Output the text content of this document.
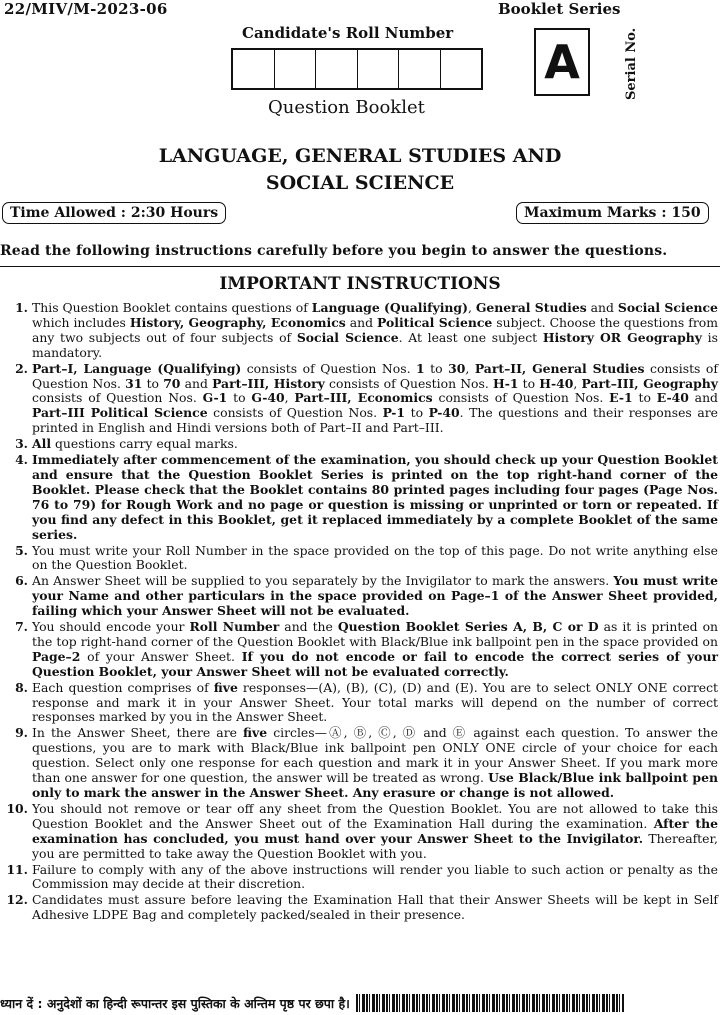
22/MIV/M-2023-06	Booklet Series
Candidate's Roll Number
A	Serial No.
Question Booklet
LANGUAGE, GENERAL STUDIES AND
SOCIAL SCIENCE
Time Allowed : 2:30 Hours	Maximum Marks : 150
Read the following instructions carefully before you begin to answer the questions.
IMPORTANT INSTRUCTIONS
1. This Question Booklet contains questions of Language (Qualifying), General Studies and Social Science which includes History, Geography, Economics and Political Science subject. Choose the questions from any two subjects out of four subjects of Social Science. At least one subject History OR Geography is mandatory.
2. Part–I, Language (Qualifying) consists of Question Nos. 1 to 30, Part–II, General Studies consists of Question Nos. 31 to 70 and Part–III, History consists of Question Nos. H-1 to H-40, Part–III, Geography consists of Question Nos. G-1 to G-40, Part–III, Economics consists of Question Nos. E-1 to E-40 and Part–III Political Science consists of Question Nos. P-1 to P-40. The questions and their responses are printed in English and Hindi versions both of Part–II and Part–III.
3. All questions carry equal marks.
4. Immediately after commencement of the examination, you should check up your Question Booklet and ensure that the Question Booklet Series is printed on the top right-hand corner of the Booklet. Please check that the Booklet contains 80 printed pages including four pages (Page Nos. 76 to 79) for Rough Work and no page or question is missing or unprinted or torn or repeated. If you find any defect in this Booklet, get it replaced immediately by a complete Booklet of the same series.
5. You must write your Roll Number in the space provided on the top of this page. Do not write anything else on the Question Booklet.
6. An Answer Sheet will be supplied to you separately by the Invigilator to mark the answers. You must write your Name and other particulars in the space provided on Page–1 of the Answer Sheet provided, failing which your Answer Sheet will not be evaluated.
7. You should encode your Roll Number and the Question Booklet Series A, B, C or D as it is printed on the top right-hand corner of the Question Booklet with Black/Blue ink ballpoint pen in the space provided on Page–2 of your Answer Sheet. If you do not encode or fail to encode the correct series of your Question Booklet, your Answer Sheet will not be evaluated correctly.
8. Each question comprises of five responses—(A), (B), (C), (D) and (E). You are to select ONLY ONE correct response and mark it in your Answer Sheet. Your total marks will depend on the number of correct responses marked by you in the Answer Sheet.
9. In the Answer Sheet, there are five circles—Ⓐ, Ⓑ, Ⓒ, Ⓓ and Ⓔ against each question. To answer the questions, you are to mark with Black/Blue ink ballpoint pen ONLY ONE circle of your choice for each question. Select only one response for each question and mark it in your Answer Sheet. If you mark more than one answer for one question, the answer will be treated as wrong. Use Black/Blue ink ballpoint pen only to mark the answer in the Answer Sheet. Any erasure or change is not allowed.
10. You should not remove or tear off any sheet from the Question Booklet. You are not allowed to take this Question Booklet and the Answer Sheet out of the Examination Hall during the examination. After the examination has concluded, you must hand over your Answer Sheet to the Invigilator. Thereafter, you are permitted to take away the Question Booklet with you.
11. Failure to comply with any of the above instructions will render you liable to such action or penalty as the Commission may decide at their discretion.
12. Candidates must assure before leaving the Examination Hall that their Answer Sheets will be kept in Self Adhesive LDPE Bag and completely packed/sealed in their presence.
ध्यान दें : अनुदेशों का हिन्दी रूपान्तर इस पुस्तिका के अन्तिम पृष्ठ पर छपा है।
